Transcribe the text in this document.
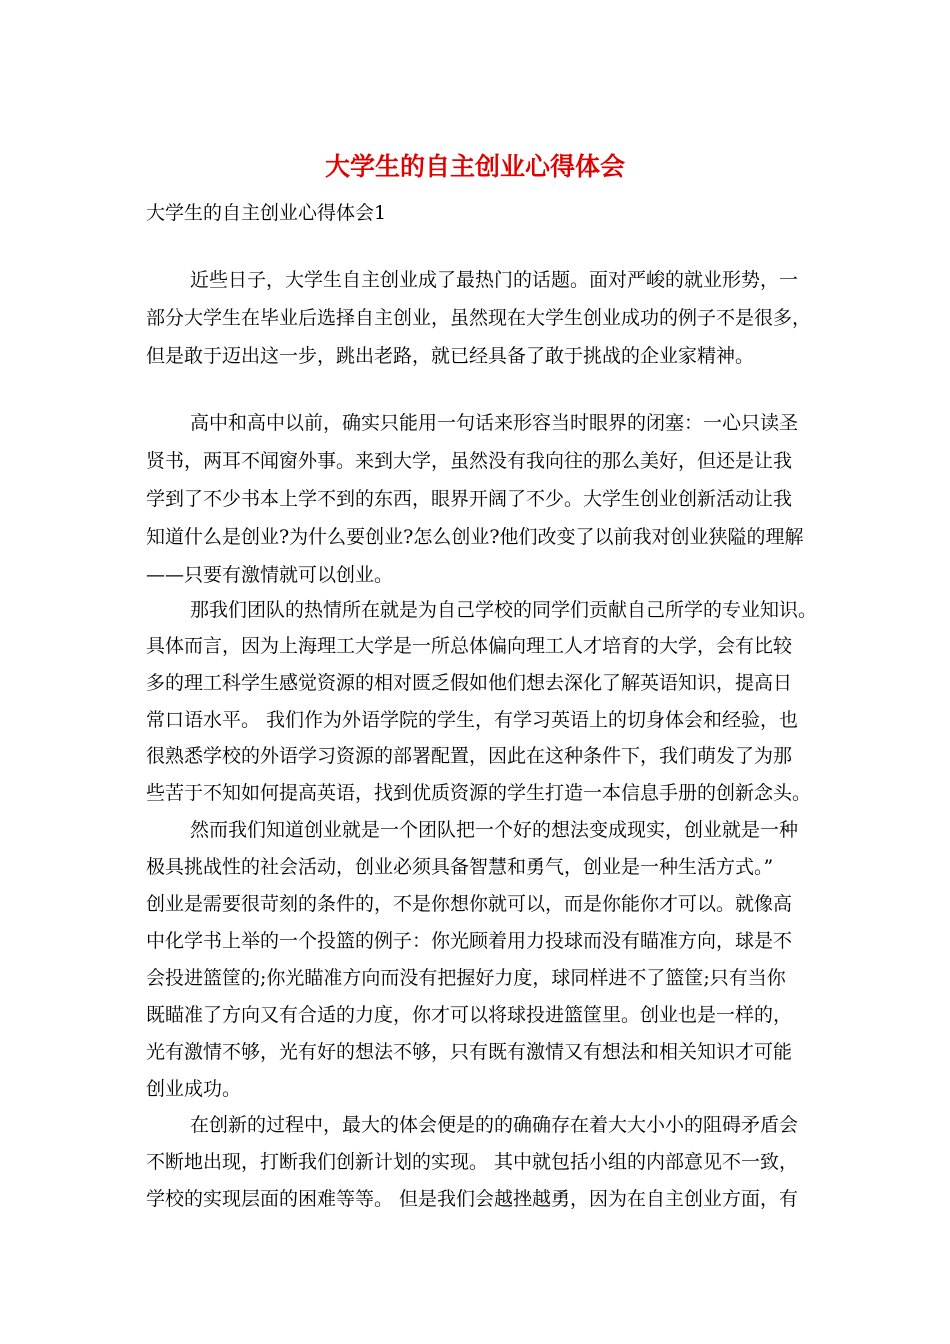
大学生的自主创业心得体会

大学生的自主创业心得体会1

近些日子，大学生自主创业成了最热门的话题。面对严峻的就业形势，一

部分大学生在毕业后选择自主创业，虽然现在大学生创业成功的例子不是很多，

但是敢于迈出这一步，跳出老路，就已经具备了敢于挑战的企业家精神。

高中和高中以前，确实只能用一句话来形容当时眼界的闭塞：一心只读圣

贤书，两耳不闻窗外事。来到大学，虽然没有我向往的那么美好，但还是让我

学到了不少书本上学不到的东西，眼界开阔了不少。大学生创业创新活动让我

知道什么是创业?为什么要创业?怎么创业?他们改变了以前我对创业狭隘的理解

——只要有激情就可以创业。

那我们团队的热情所在就是为自己学校的同学们贡献自己所学的专业知识。

具体而言，因为上海理工大学是一所总体偏向理工人才培育的大学，会有比较

多的理工科学生感觉资源的相对匮乏假如他们想去深化了解英语知识，提高日

常口语水平。 我们作为外语学院的学生，有学习英语上的切身体会和经验，也

很熟悉学校的外语学习资源的部署配置，因此在这种条件下，我们萌发了为那

些苦于不知如何提高英语，找到优质资源的学生打造一本信息手册的创新念头。

然而我们知道创业就是一个团队把一个好的想法变成现实，创业就是一种

极具挑战性的社会活动，创业必须具备智慧和勇气，创业是一种生活方式。”

创业是需要很苛刻的条件的，不是你想你就可以，而是你能你才可以。就像高

中化学书上举的一个投篮的例子：你光顾着用力投球而没有瞄准方向，球是不

会投进篮筐的;你光瞄准方向而没有把握好力度，球同样进不了篮筐;只有当你

既瞄准了方向又有合适的力度，你才可以将球投进篮筐里。创业也是一样的，

光有激情不够，光有好的想法不够，只有既有激情又有想法和相关知识才可能

创业成功。

在创新的过程中，最大的体会便是的的确确存在着大大小小的阻碍矛盾会

不断地出现，打断我们创新计划的实现。 其中就包括小组的内部意见不一致，

学校的实现层面的困难等等。 但是我们会越挫越勇，因为在自主创业方面，有
